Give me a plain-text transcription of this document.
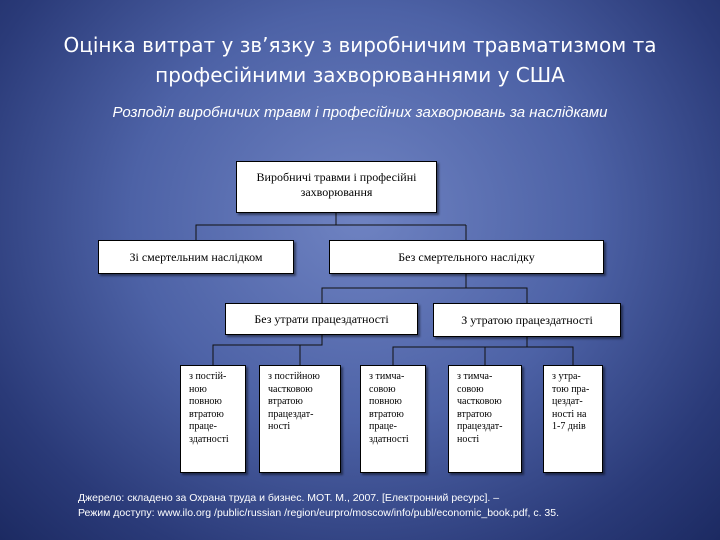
Оцінка витрат у зв’язку з виробничим травматизмом та професійними захворюваннями у США
Розподіл виробничих травм і професійних захворювань за наслідками
Виробничі травми і професійні захворювання
Зі смертельним наслідком	Без смертельного наслідку
Без утрати працездатності	З утратою працездатності
з постій-
ною
повною
втратою
праце-
здатності
з постійною
частковою
втратою
працездат-
ності
з тимча-
совою
повною
втратою
праце-
здатності
з тимча-
совою
частковою
втратою
працездат-
ності
з утра-
тою пра-
цездат-
ності на
1-7 днів
Джерело: складено за Охрана труда и бизнес. МОТ. М., 2007. [Електронний ресурс]. –
Режим доступу: www.ilo.org /public/russian /region/eurpro/moscow/info/publ/economic_book.pdf, c. 35.
